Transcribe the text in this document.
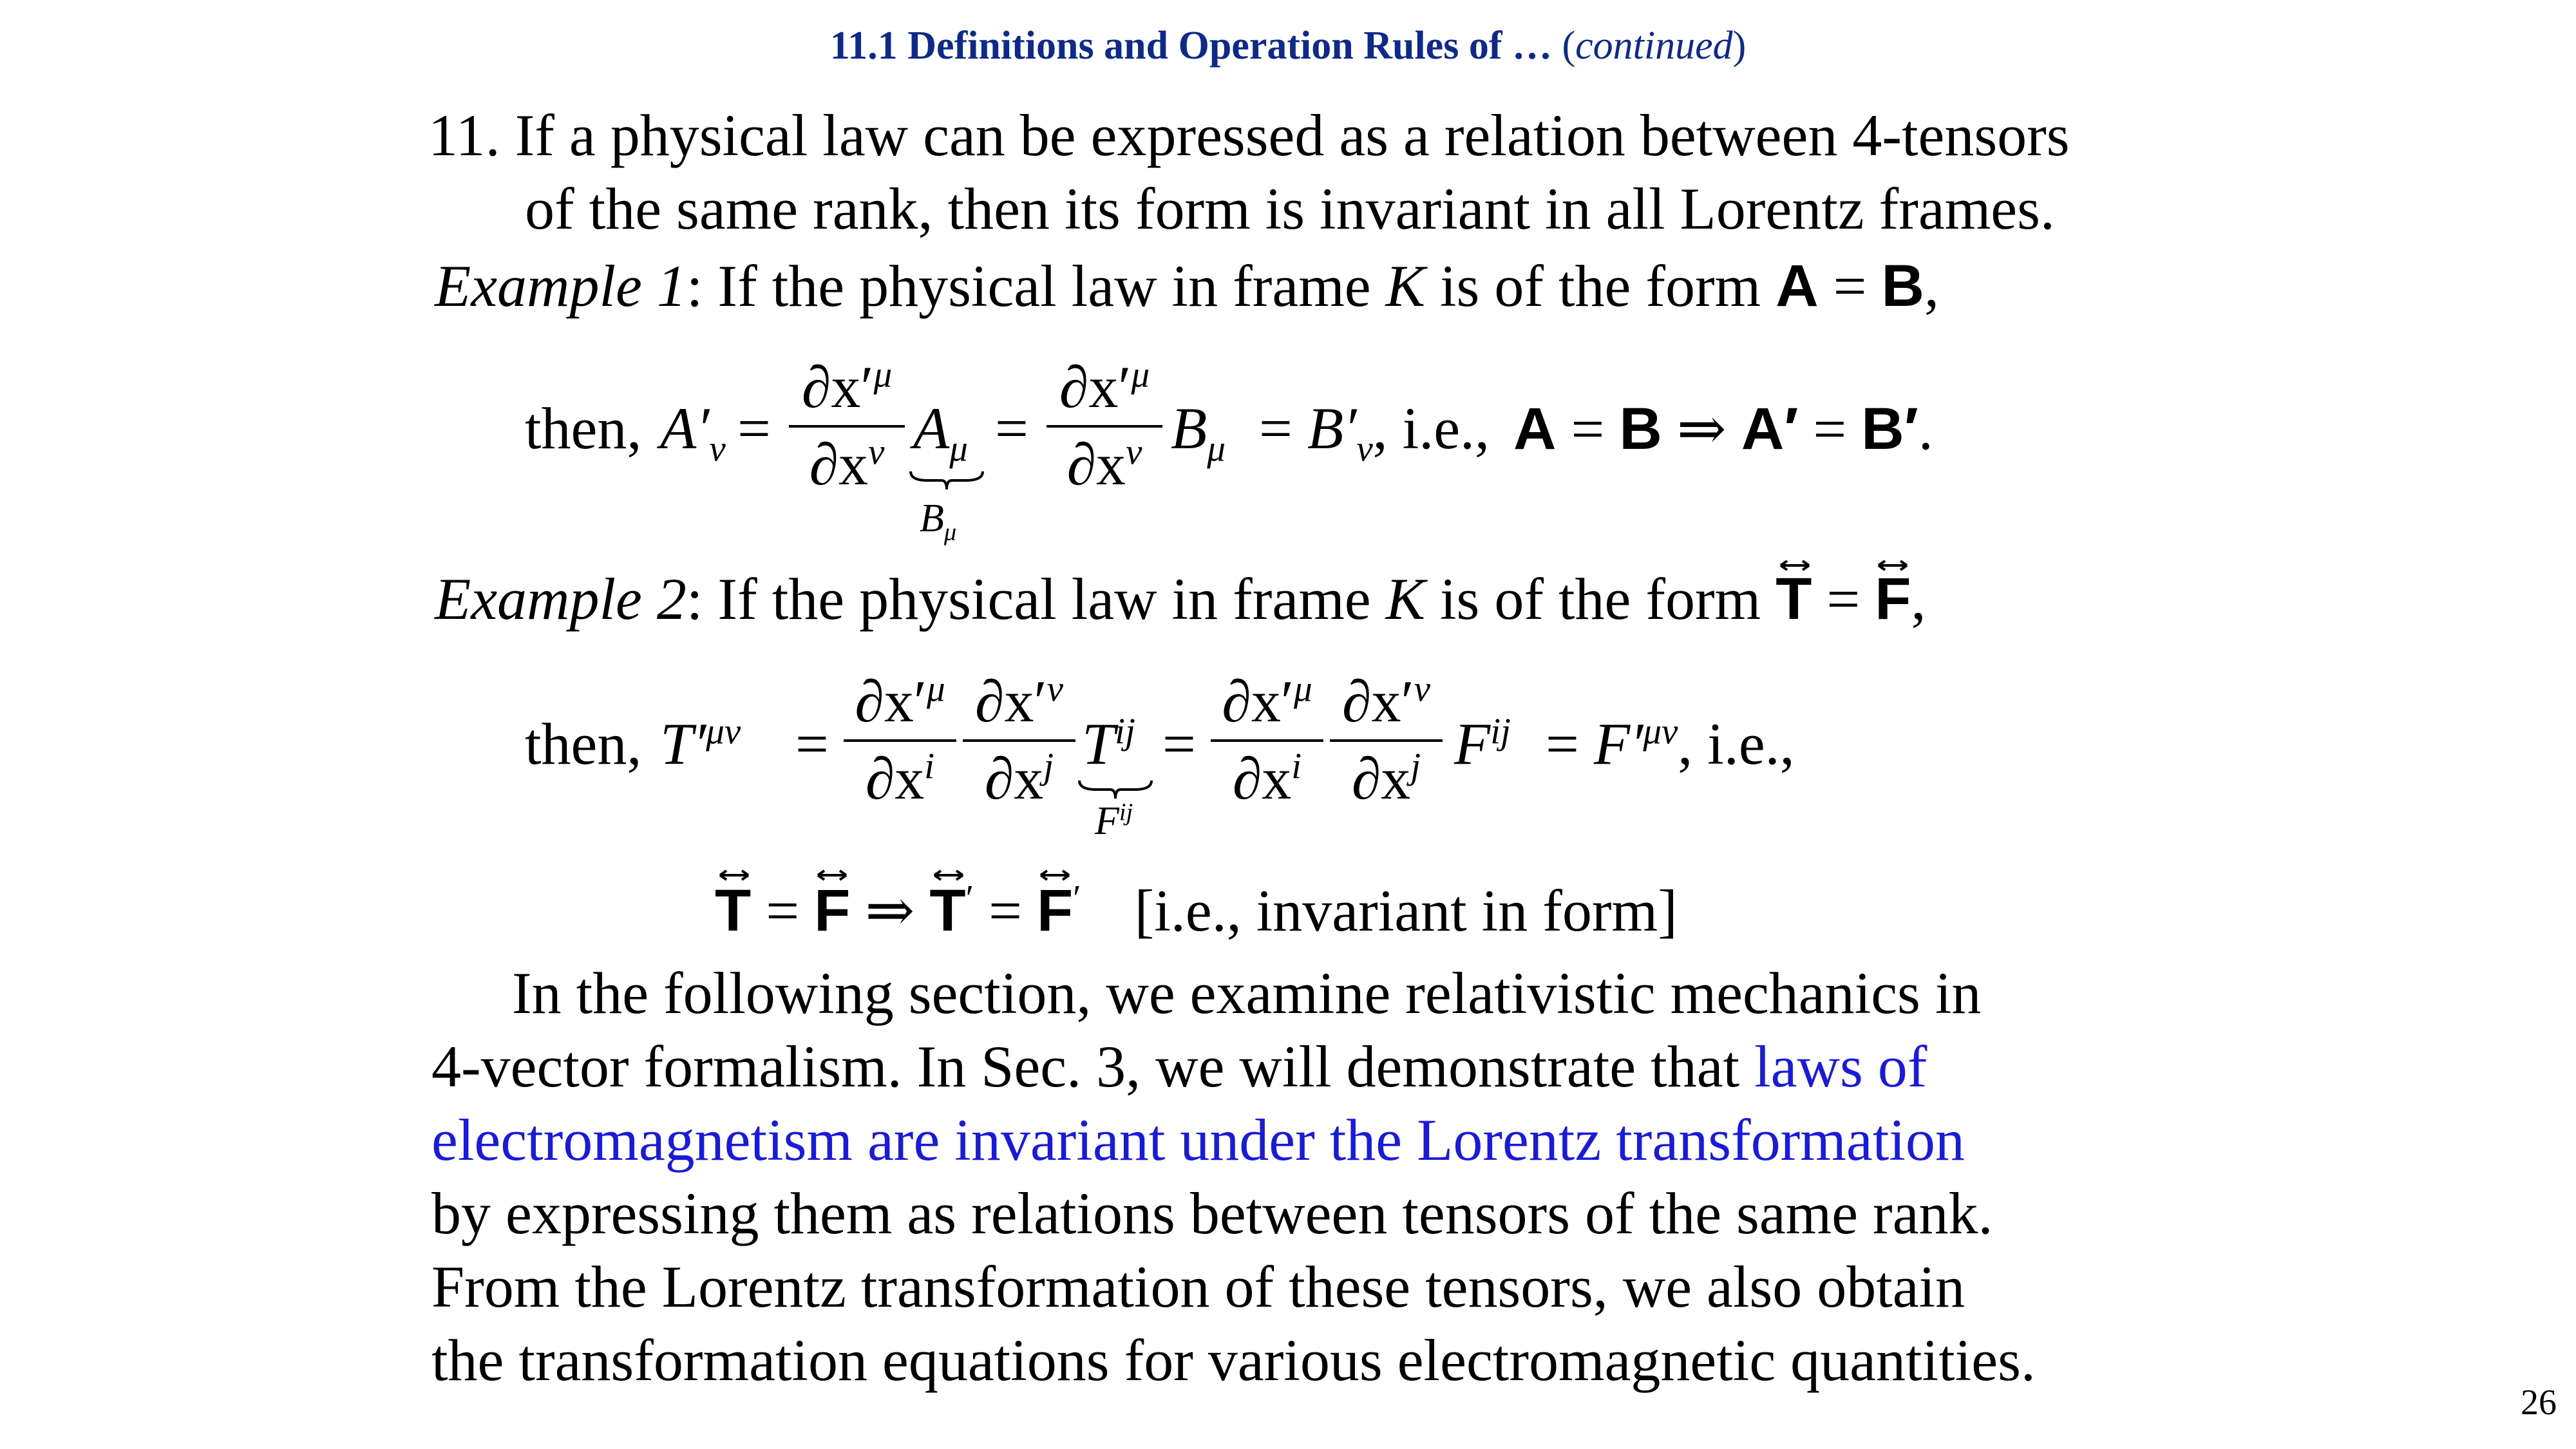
11.1 Definitions and Operation Rules of … (continued)
11. If a physical law can be expressed as a relation between 4-tensors
of the same rank, then its form is invariant in all Lorentz frames.
Example 1: If the physical law in frame K is of the form A = B,
then, $A'_\nu$ =
$\partial x'^\mu$
$\partial x^\nu$ $A_\mu$
$B_\mu$
=
$\partial x'^\mu$
$\partial x^\nu$ $B_\mu = B'_\nu$, i.e., A = B ⇒ A′ = B′.
Example 2: If the physical law in frame K is of the form
T =
F,
then, $T'^{\mu\nu}$ =
$\partial x'^\mu$
$\partial x^i$
$\partial x'^\nu$
$\partial x^j$ $T^{ij}$
$F^{ij}$
=
$\partial x'^\mu$
$\partial x^i$
$\partial x'^\nu$
$\partial x^j$ $F^{ij} = F'^{\mu\nu}$, i.e.,
T = F ⇒ T′ = F′ [i.e., invariant in form]
In the following section, we examine relativistic mechanics in
4-vector formalism. In Sec. 3, we will demonstrate that laws of
electromagnetism are invariant under the Lorentz transformation
by expressing them as relations between tensors of the same rank.
From the Lorentz transformation of these tensors, we also obtain
the transformation equations for various electromagnetic quantities.
26
